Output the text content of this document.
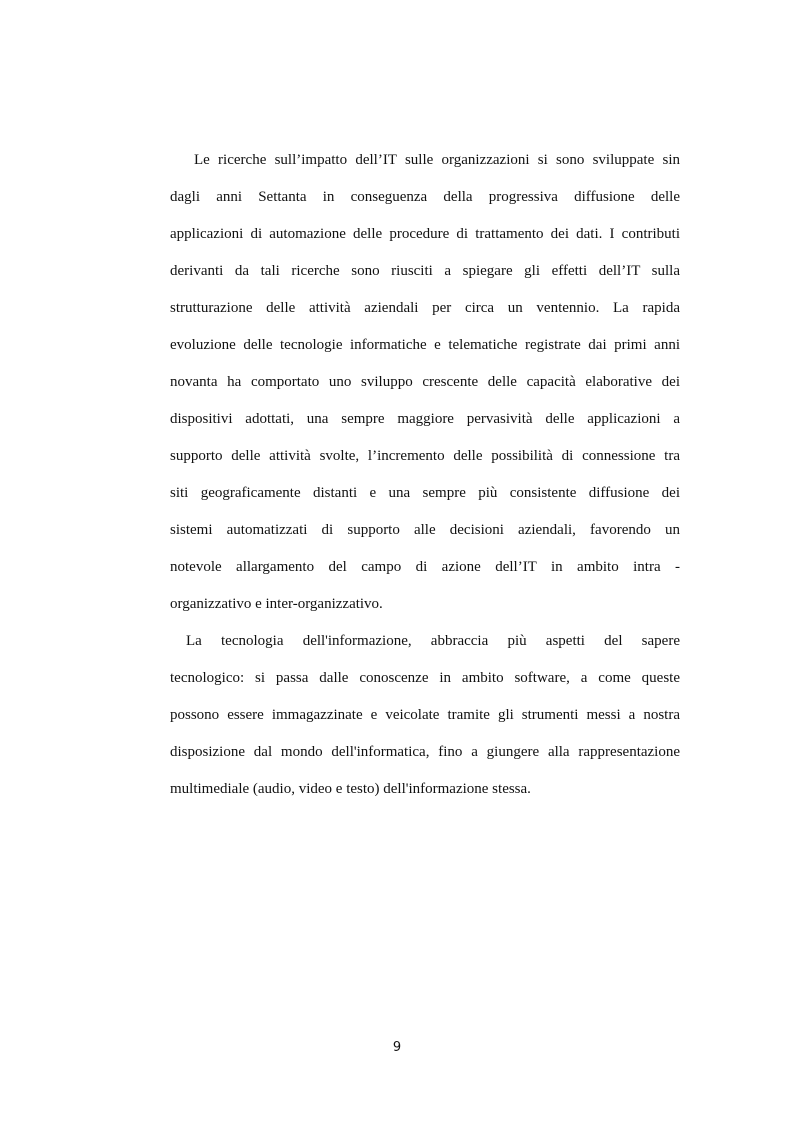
Le ricerche sull’impatto dell’IT sulle organizzazioni si sono sviluppate sin
dagli anni Settanta in conseguenza della progressiva diffusione delle
applicazioni di automazione delle procedure di trattamento dei dati. I contributi
derivanti da tali ricerche sono riusciti a spiegare gli effetti dell’IT sulla
strutturazione delle attività aziendali per circa un ventennio. La rapida
evoluzione delle tecnologie informatiche e telematiche registrate dai primi anni
novanta ha comportato uno sviluppo crescente delle capacità elaborative dei
dispositivi adottati, una sempre maggiore pervasività delle applicazioni a
supporto delle attività svolte, l’incremento delle possibilità di connessione tra
siti geograficamente distanti e una sempre più consistente diffusione dei
sistemi automatizzati di supporto alle decisioni aziendali, favorendo un
notevole allargamento del campo di azione dell’IT in ambito intra -
organizzativo e inter-organizzativo.
La tecnologia dell'informazione, abbraccia più aspetti del sapere
tecnologico: si passa dalle conoscenze in ambito software, a come queste
possono essere immagazzinate e veicolate tramite gli strumenti messi a nostra
disposizione dal mondo dell'informatica, fino a giungere alla rappresentazione
multimediale (audio, video e testo) dell'informazione stessa.
9
